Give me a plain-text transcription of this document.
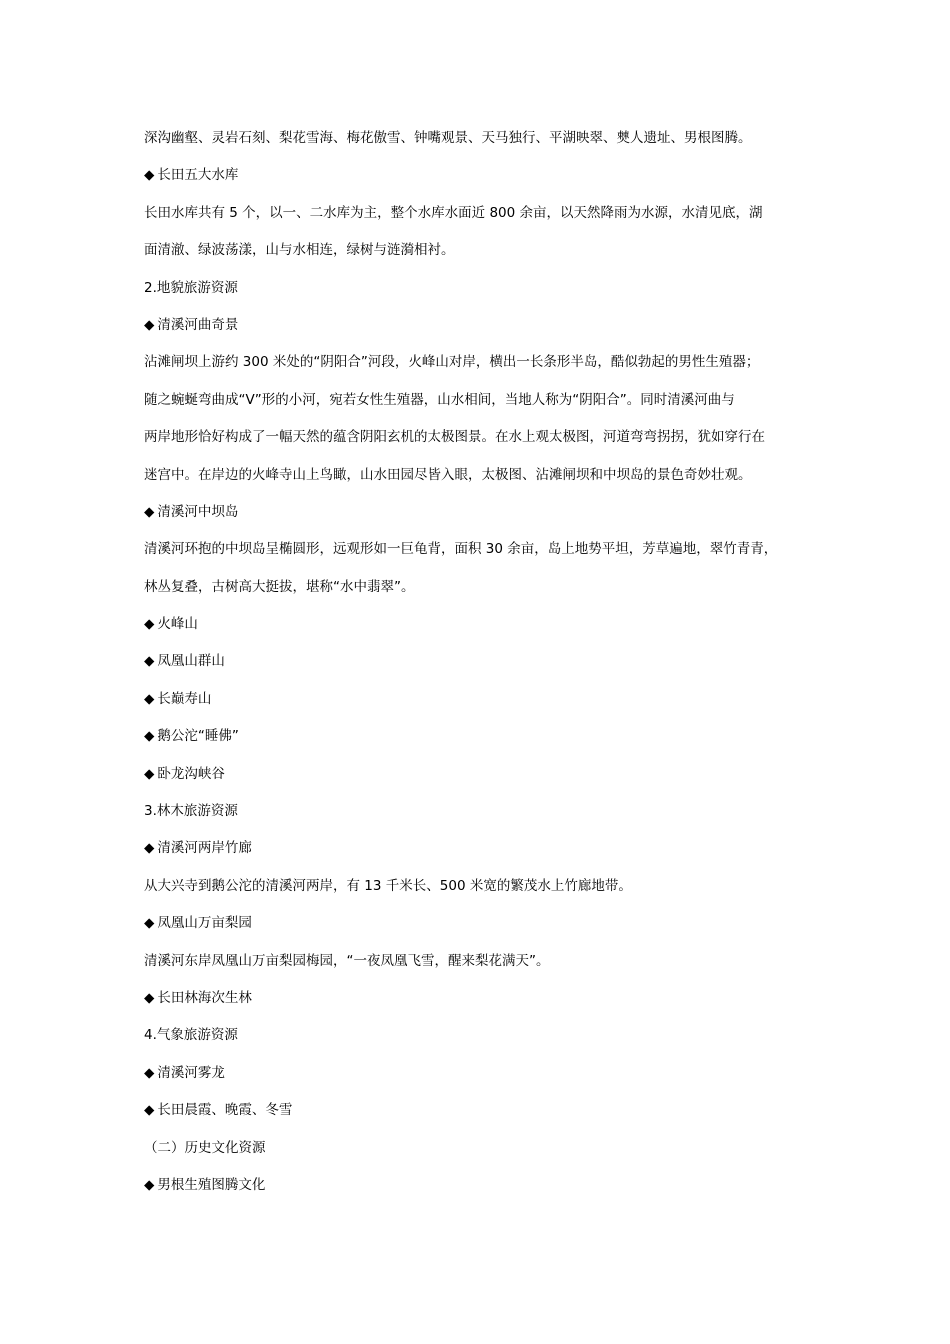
深沟幽壑、灵岩石刻、梨花雪海、梅花傲雪、钟嘴观景、天马独行、平湖映翠、僰人遗址、男根图腾。
◆ 长田五大水库
长田水库共有 5 个，以一、二水库为主，整个水库水面近 800 余亩，以天然降雨为水源，水清见底，湖
面清澈、绿波荡漾，山与水相连，绿树与涟漪相衬。
2.地貌旅游资源
◆ 清溪河曲奇景
沾滩闸坝上游约 300 米处的“阴阳合”河段，火峰山对岸，横出一长条形半岛，酷似勃起的男性生殖器；
随之蜿蜒弯曲成“V”形的小河，宛若女性生殖器，山水相间，当地人称为“阴阳合”。同时清溪河曲与
两岸地形恰好构成了一幅天然的蕴含阴阳玄机的太极图景。在水上观太极图，河道弯弯拐拐，犹如穿行在
迷宫中。在岸边的火峰寺山上鸟瞰，山水田园尽皆入眼，太极图、沾滩闸坝和中坝岛的景色奇妙壮观。
◆ 清溪河中坝岛
清溪河环抱的中坝岛呈椭圆形，远观形如一巨龟背，面积 30 余亩，岛上地势平坦，芳草遍地，翠竹青青，
林丛复叠，古树高大挺拔，堪称“水中翡翠”。
◆ 火峰山
◆ 凤凰山群山
◆ 长巅寿山
◆ 鹅公沱“睡佛”
◆ 卧龙沟峡谷
3.林木旅游资源
◆ 清溪河两岸竹廊
从大兴寺到鹅公沱的清溪河两岸，有 13 千米长、500 米宽的繁茂水上竹廊地带。
◆ 凤凰山万亩梨园
清溪河东岸凤凰山万亩梨园梅园，“一夜凤凰飞雪，醒来梨花满天”。
◆ 长田林海次生林
4.气象旅游资源
◆ 清溪河雾龙
◆ 长田晨霞、晚霞、冬雪
（二）历史文化资源
◆ 男根生殖图腾文化
